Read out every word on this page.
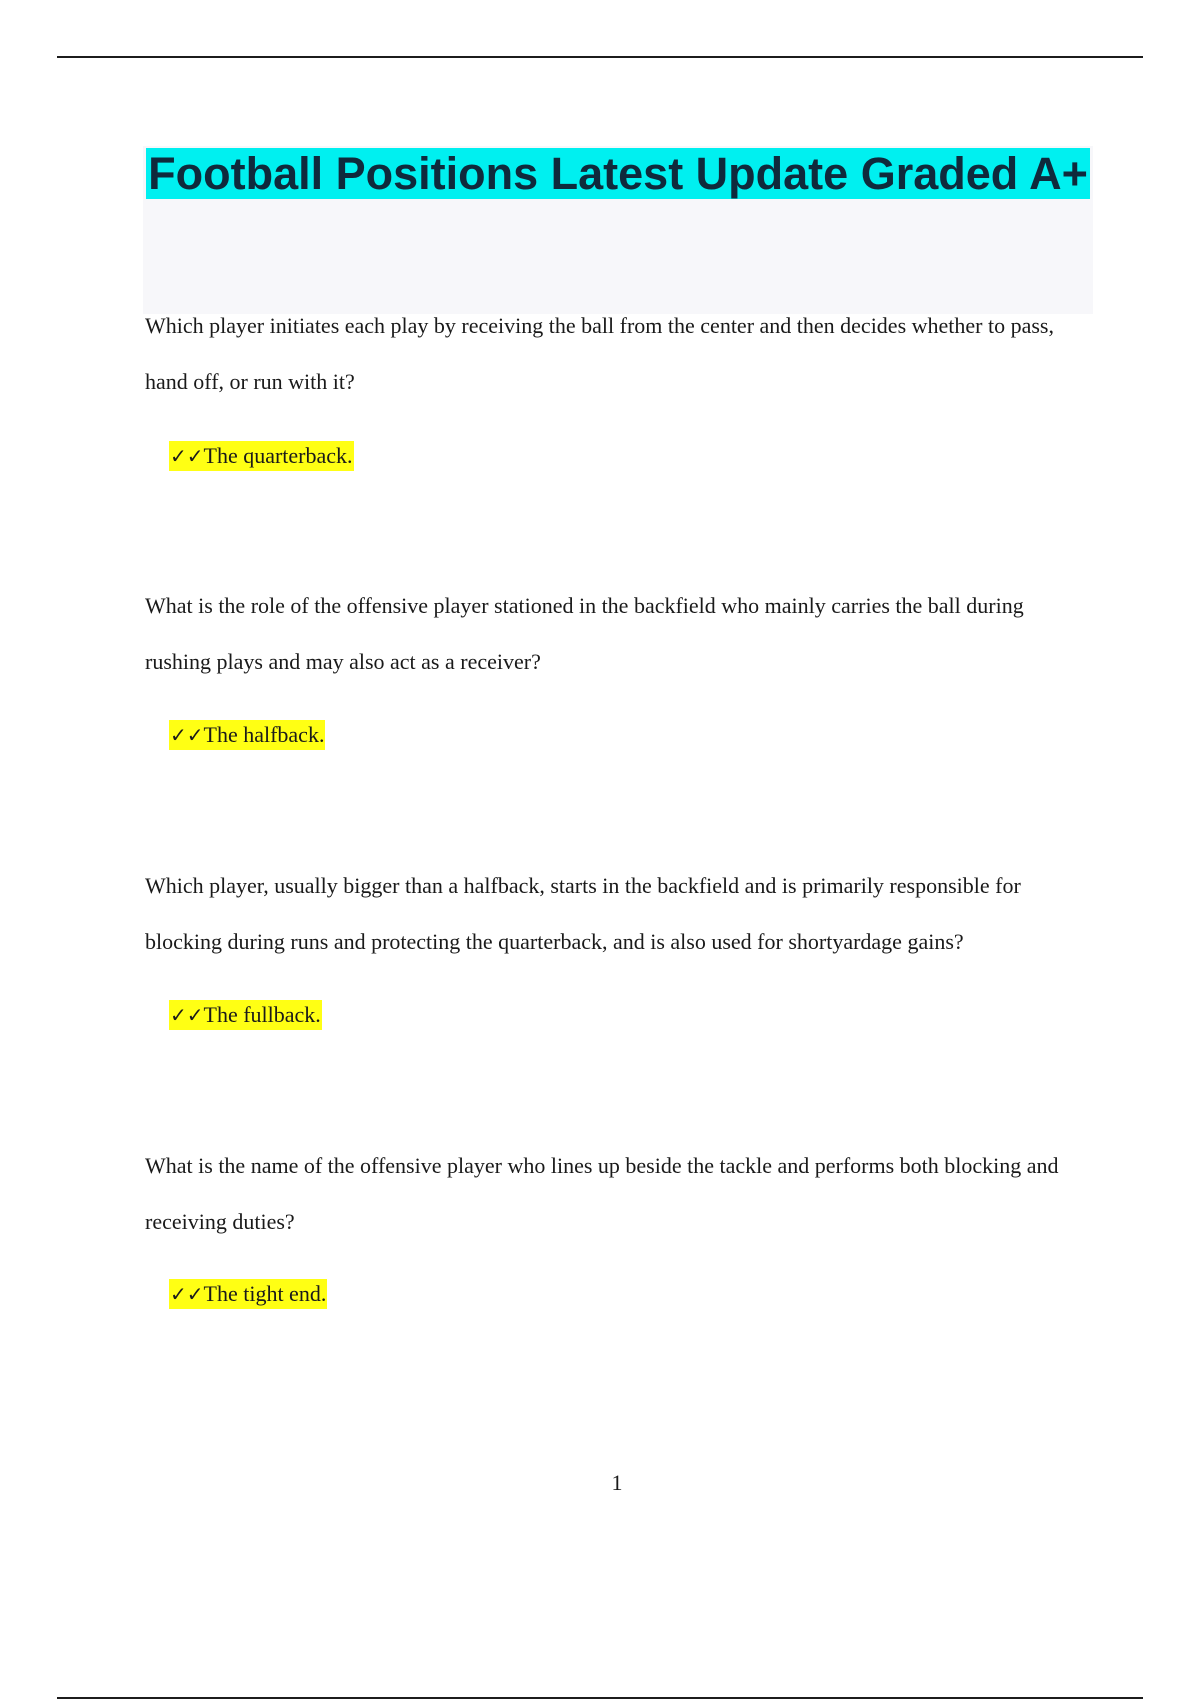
Football Positions Latest Update Graded A+

Which player initiates each play by receiving the ball from the center and then decides whether to pass, hand off, or run with it?

✓✓The quarterback.

What is the role of the offensive player stationed in the backfield who mainly carries the ball during rushing plays and may also act as a receiver?

✓✓The halfback.

Which player, usually bigger than a halfback, starts in the backfield and is primarily responsible for blocking during runs and protecting the quarterback, and is also used for shortyardage gains?

✓✓The fullback.

What is the name of the offensive player who lines up beside the tackle and performs both blocking and receiving duties?

✓✓The tight end.
1
